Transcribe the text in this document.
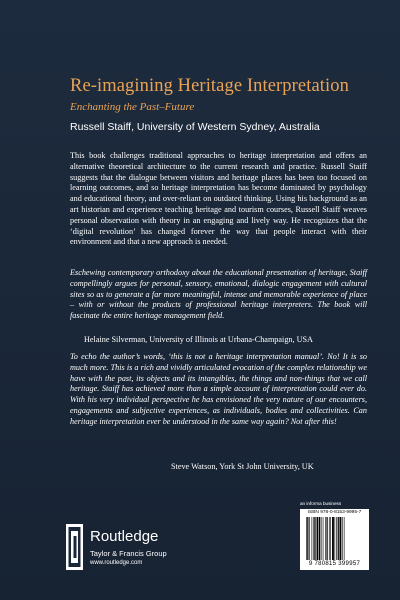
Re-imagining Heritage Interpretation

Enchanting the Past–Future

Russell Staiff, University of Western Sydney, Australia

This book challenges traditional approaches to heritage interpretation and offers an alternative theoretical architecture to the current research and practice. Russell Staiff suggests that the dialogue between visitors and heritage places has been too focused on learning outcomes, and so heritage interpretation has become dominated by psychology and educational theory, and over-reliant on outdated thinking. Using his background as an art historian and experience teaching heritage and tourism courses, Russell Staiff weaves personal observation with theory in an engaging and lively way. He recognizes that the ‘digital revolution’ has changed forever the way that people interact with their environment and that a new approach is needed.

Eschewing contemporary orthodoxy about the educational presentation of heritage, Staiff compellingly argues for personal, sensory, emotional, dialogic engagement with cultural sites so as to generate a far more meaningful, intense and memorable experience of place – with or without the products of professional heritage interpreters. The book will fascinate the entire heritage management field.

Helaine Silverman, University of Illinois at Urbana-Champaign, USA

To echo the author’s words, ‘this is not a heritage interpretation manual’. No! It is so much more. This is a rich and vividly articulated evocation of the complex relationship we have with the past, its objects and its intangibles, the things and non-things that we call heritage. Staiff has achieved more than a simple account of interpretation could ever do. With his very individual perspective he has envisioned the very nature of our encounters, engagements and subjective experiences, as individuals, bodies and collectivities. Can heritage interpretation ever be understood in the same way again? Not after this!

Steve Watson, York St John University, UK

an informa business

Routledge

Taylor & Francis Group

www.routledge.com

ISBN 978-0-8153-9995-7

9 780815 399957
